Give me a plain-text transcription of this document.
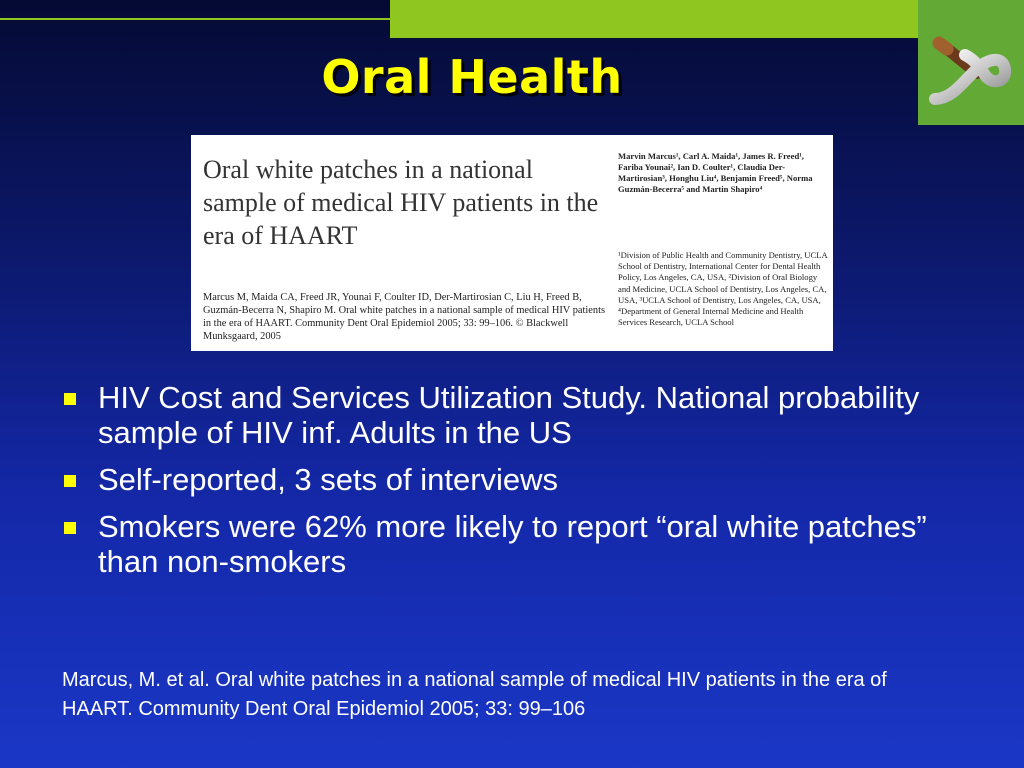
Oral Health
Oral white patches in a national sample of medical HIV patients in the era of HAART
Marcus M, Maida CA, Freed JR, Younai F, Coulter ID, Der-Martirosian C, Liu H, Freed B, Guzmán-Becerra N, Shapiro M. Oral white patches in a national sample of medical HIV patients in the era of HAART. Community Dent Oral Epidemiol 2005; 33: 99–106. © Blackwell Munksgaard, 2005
Marvin Marcus¹, Carl A. Maida¹, James R. Freed¹, Fariba Younai², Ian D. Coulter¹, Claudia Der-Martirosian³, Honghu Liu⁴, Benjamin Freed⁵, Norma Guzmán-Becerra⁵ and Martin Shapiro⁴
¹Division of Public Health and Community Dentistry, UCLA School of Dentistry, International Center for Dental Health Policy, Los Angeles, CA, USA, ²Division of Oral Biology and Medicine, UCLA School of Dentistry, Los Angeles, CA, USA, ³UCLA School of Dentistry, Los Angeles, CA, USA, ⁴Department of General Internal Medicine and Health Services Research, UCLA School
HIV Cost and Services Utilization Study. National probability sample of HIV inf. Adults in the US
Self-reported, 3 sets of interviews
Smokers were 62% more likely to report “oral white patches” than non-smokers
Marcus, M. et al. Oral white patches in a national sample of medical HIV patients in the era of HAART. Community Dent Oral Epidemiol 2005; 33: 99–106
